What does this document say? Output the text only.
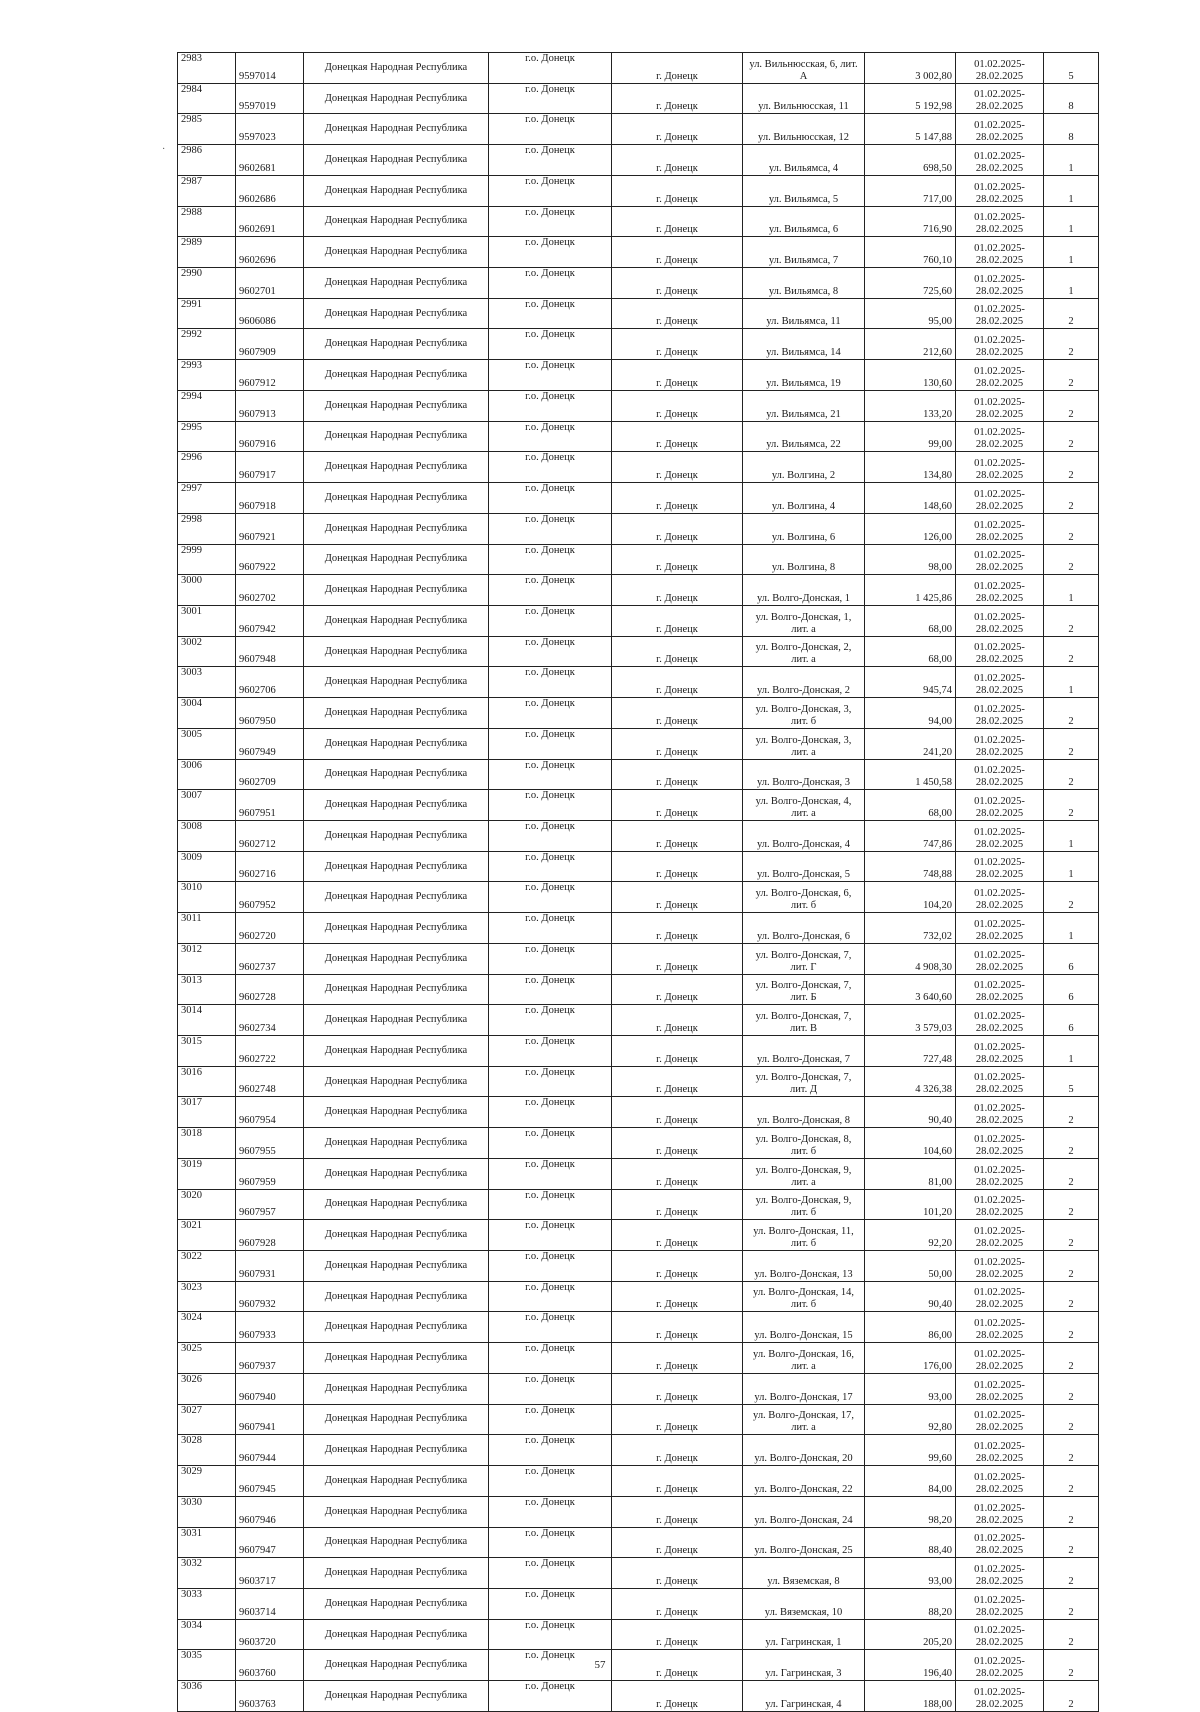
·
2983	9597014	Донецкая Народная Республика	г.о. Донецк	г. Донецк	ул. Вильнюсская, 6, лит. А	3 002,80	01.02.2025-28.02.2025	5
2984	9597019	Донецкая Народная Республика	г.о. Донецк	г. Донецк	ул. Вильнюсская, 11	5 192,98	01.02.2025-28.02.2025	8
2985	9597023	Донецкая Народная Республика	г.о. Донецк	г. Донецк	ул. Вильнюсская, 12	5 147,88	01.02.2025-28.02.2025	8
2986	9602681	Донецкая Народная Республика	г.о. Донецк	г. Донецк	ул. Вильямса, 4	698,50	01.02.2025-28.02.2025	1
2987	9602686	Донецкая Народная Республика	г.о. Донецк	г. Донецк	ул. Вильямса, 5	717,00	01.02.2025-28.02.2025	1
2988	9602691	Донецкая Народная Республика	г.о. Донецк	г. Донецк	ул. Вильямса, 6	716,90	01.02.2025-28.02.2025	1
2989	9602696	Донецкая Народная Республика	г.о. Донецк	г. Донецк	ул. Вильямса, 7	760,10	01.02.2025-28.02.2025	1
2990	9602701	Донецкая Народная Республика	г.о. Донецк	г. Донецк	ул. Вильямса, 8	725,60	01.02.2025-28.02.2025	1
2991	9606086	Донецкая Народная Республика	г.о. Донецк	г. Донецк	ул. Вильямса, 11	95,00	01.02.2025-28.02.2025	2
2992	9607909	Донецкая Народная Республика	г.о. Донецк	г. Донецк	ул. Вильямса, 14	212,60	01.02.2025-28.02.2025	2
2993	9607912	Донецкая Народная Республика	г.о. Донецк	г. Донецк	ул. Вильямса, 19	130,60	01.02.2025-28.02.2025	2
2994	9607913	Донецкая Народная Республика	г.о. Донецк	г. Донецк	ул. Вильямса, 21	133,20	01.02.2025-28.02.2025	2
2995	9607916	Донецкая Народная Республика	г.о. Донецк	г. Донецк	ул. Вильямса, 22	99,00	01.02.2025-28.02.2025	2
2996	9607917	Донецкая Народная Республика	г.о. Донецк	г. Донецк	ул. Волгина, 2	134,80	01.02.2025-28.02.2025	2
2997	9607918	Донецкая Народная Республика	г.о. Донецк	г. Донецк	ул. Волгина, 4	148,60	01.02.2025-28.02.2025	2
2998	9607921	Донецкая Народная Республика	г.о. Донецк	г. Донецк	ул. Волгина, 6	126,00	01.02.2025-28.02.2025	2
2999	9607922	Донецкая Народная Республика	г.о. Донецк	г. Донецк	ул. Волгина, 8	98,00	01.02.2025-28.02.2025	2
3000	9602702	Донецкая Народная Республика	г.о. Донецк	г. Донецк	ул. Волго-Донская, 1	1 425,86	01.02.2025-28.02.2025	1
3001	9607942	Донецкая Народная Республика	г.о. Донецк	г. Донецк	ул. Волго-Донская, 1, лит. а	68,00	01.02.2025-28.02.2025	2
3002	9607948	Донецкая Народная Республика	г.о. Донецк	г. Донецк	ул. Волго-Донская, 2, лит. а	68,00	01.02.2025-28.02.2025	2
3003	9602706	Донецкая Народная Республика	г.о. Донецк	г. Донецк	ул. Волго-Донская, 2	945,74	01.02.2025-28.02.2025	1
3004	9607950	Донецкая Народная Республика	г.о. Донецк	г. Донецк	ул. Волго-Донская, 3, лит. б	94,00	01.02.2025-28.02.2025	2
3005	9607949	Донецкая Народная Республика	г.о. Донецк	г. Донецк	ул. Волго-Донская, 3, лит. а	241,20	01.02.2025-28.02.2025	2
3006	9602709	Донецкая Народная Республика	г.о. Донецк	г. Донецк	ул. Волго-Донская, 3	1 450,58	01.02.2025-28.02.2025	2
3007	9607951	Донецкая Народная Республика	г.о. Донецк	г. Донецк	ул. Волго-Донская, 4, лит. а	68,00	01.02.2025-28.02.2025	2
3008	9602712	Донецкая Народная Республика	г.о. Донецк	г. Донецк	ул. Волго-Донская, 4	747,86	01.02.2025-28.02.2025	1
3009	9602716	Донецкая Народная Республика	г.о. Донецк	г. Донецк	ул. Волго-Донская, 5	748,88	01.02.2025-28.02.2025	1
3010	9607952	Донецкая Народная Республика	г.о. Донецк	г. Донецк	ул. Волго-Донская, 6, лит. б	104,20	01.02.2025-28.02.2025	2
3011	9602720	Донецкая Народная Республика	г.о. Донецк	г. Донецк	ул. Волго-Донская, 6	732,02	01.02.2025-28.02.2025	1
3012	9602737	Донецкая Народная Республика	г.о. Донецк	г. Донецк	ул. Волго-Донская, 7, лит. Г	4 908,30	01.02.2025-28.02.2025	6
3013	9602728	Донецкая Народная Республика	г.о. Донецк	г. Донецк	ул. Волго-Донская, 7, лит. Б	3 640,60	01.02.2025-28.02.2025	6
3014	9602734	Донецкая Народная Республика	г.о. Донецк	г. Донецк	ул. Волго-Донская, 7, лит. В	3 579,03	01.02.2025-28.02.2025	6
3015	9602722	Донецкая Народная Республика	г.о. Донецк	г. Донецк	ул. Волго-Донская, 7	727,48	01.02.2025-28.02.2025	1
3016	9602748	Донецкая Народная Республика	г.о. Донецк	г. Донецк	ул. Волго-Донская, 7, лит. Д	4 326,38	01.02.2025-28.02.2025	5
3017	9607954	Донецкая Народная Республика	г.о. Донецк	г. Донецк	ул. Волго-Донская, 8	90,40	01.02.2025-28.02.2025	2
3018	9607955	Донецкая Народная Республика	г.о. Донецк	г. Донецк	ул. Волго-Донская, 8, лит. б	104,60	01.02.2025-28.02.2025	2
3019	9607959	Донецкая Народная Республика	г.о. Донецк	г. Донецк	ул. Волго-Донская, 9, лит. а	81,00	01.02.2025-28.02.2025	2
3020	9607957	Донецкая Народная Республика	г.о. Донецк	г. Донецк	ул. Волго-Донская, 9, лит. б	101,20	01.02.2025-28.02.2025	2
3021	9607928	Донецкая Народная Республика	г.о. Донецк	г. Донецк	ул. Волго-Донская, 11, лит. б	92,20	01.02.2025-28.02.2025	2
3022	9607931	Донецкая Народная Республика	г.о. Донецк	г. Донецк	ул. Волго-Донская, 13	50,00	01.02.2025-28.02.2025	2
3023	9607932	Донецкая Народная Республика	г.о. Донецк	г. Донецк	ул. Волго-Донская, 14, лит. б	90,40	01.02.2025-28.02.2025	2
3024	9607933	Донецкая Народная Республика	г.о. Донецк	г. Донецк	ул. Волго-Донская, 15	86,00	01.02.2025-28.02.2025	2
3025	9607937	Донецкая Народная Республика	г.о. Донецк	г. Донецк	ул. Волго-Донская, 16, лит. а	176,00	01.02.2025-28.02.2025	2
3026	9607940	Донецкая Народная Республика	г.о. Донецк	г. Донецк	ул. Волго-Донская, 17	93,00	01.02.2025-28.02.2025	2
3027	9607941	Донецкая Народная Республика	г.о. Донецк	г. Донецк	ул. Волго-Донская, 17, лит. а	92,80	01.02.2025-28.02.2025	2
3028	9607944	Донецкая Народная Республика	г.о. Донецк	г. Донецк	ул. Волго-Донская, 20	99,60	01.02.2025-28.02.2025	2
3029	9607945	Донецкая Народная Республика	г.о. Донецк	г. Донецк	ул. Волго-Донская, 22	84,00	01.02.2025-28.02.2025	2
3030	9607946	Донецкая Народная Республика	г.о. Донецк	г. Донецк	ул. Волго-Донская, 24	98,20	01.02.2025-28.02.2025	2
3031	9607947	Донецкая Народная Республика	г.о. Донецк	г. Донецк	ул. Волго-Донская, 25	88,40	01.02.2025-28.02.2025	2
3032	9603717	Донецкая Народная Республика	г.о. Донецк	г. Донецк	ул. Вяземская, 8	93,00	01.02.2025-28.02.2025	2
3033	9603714	Донецкая Народная Республика	г.о. Донецк	г. Донецк	ул. Вяземская, 10	88,20	01.02.2025-28.02.2025	2
3034	9603720	Донецкая Народная Республика	г.о. Донецк	г. Донецк	ул. Гагринская, 1	205,20	01.02.2025-28.02.2025	2
3035	9603760	Донецкая Народная Республика	г.о. Донецк	г. Донецк	ул. Гагринская, 3	196,40	01.02.2025-28.02.2025	2
3036	9603763	Донецкая Народная Республика	г.о. Донецк	г. Донецк	ул. Гагринская, 4	188,00	01.02.2025-28.02.2025	2
57
